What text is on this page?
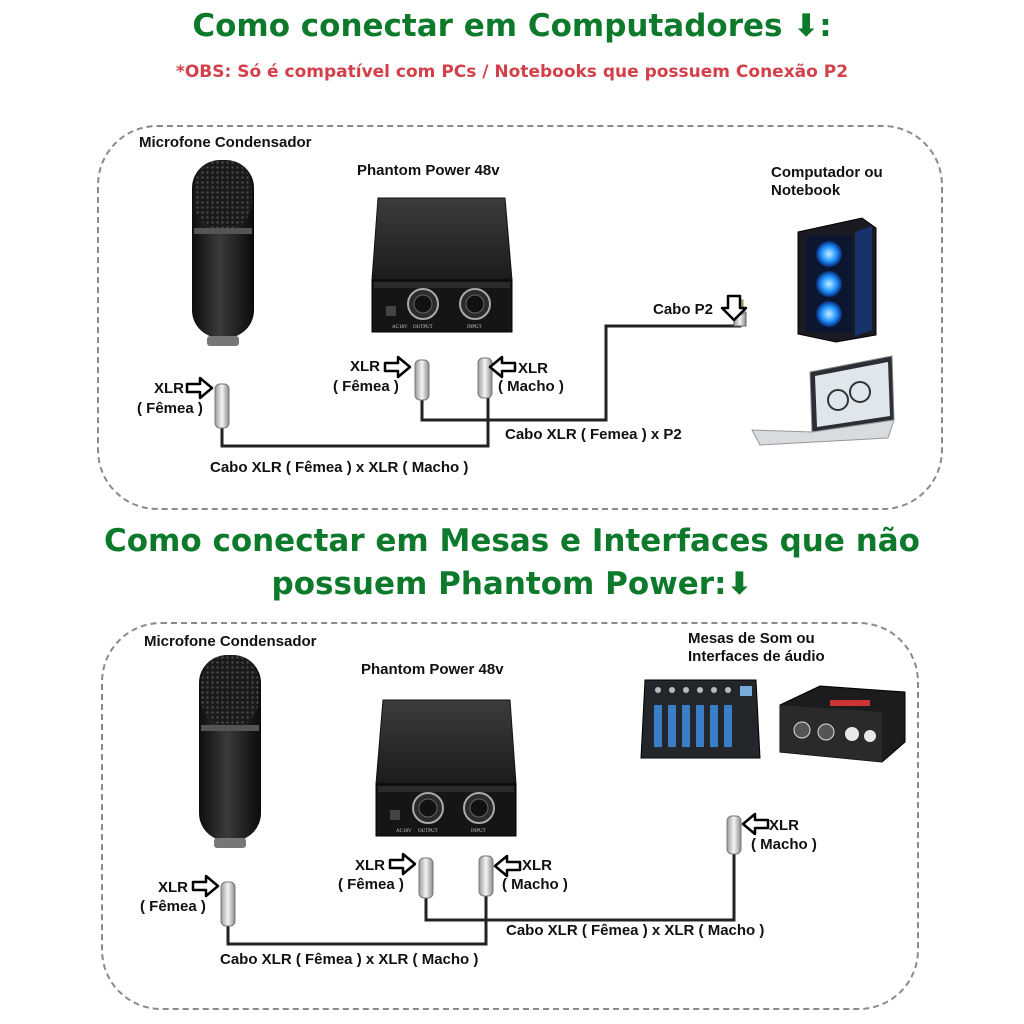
Como conectar em Computadores ⬇:
*OBS: Só é compatível com PCs / Notebooks que possuem Conexão P2
Como conectar em Mesas e Interfaces que não
possuem Phantom Power:⬇
AC18V OUTPUT	INPUT
AC18V OUTPUT	INPUT
Microfone Condensador
Phantom Power 48v	Computador ou
Notebook
Cabo P2
XLR
( Fêmea )
XLR
( Fêmea )
XLR
( Macho )
Cabo XLR ( Femea ) x P2
Cabo XLR ( Fêmea ) x XLR ( Macho )
Microfone Condensador
Phantom Power 48v
Mesas de Som ou
Interfaces de áudio
XLR
( Fêmea )
XLR
( Fêmea )
XLR
( Macho )
XLR
( Macho )
Cabo XLR ( Fêmea ) x XLR ( Macho )
Cabo XLR ( Fêmea ) x XLR ( Macho )
